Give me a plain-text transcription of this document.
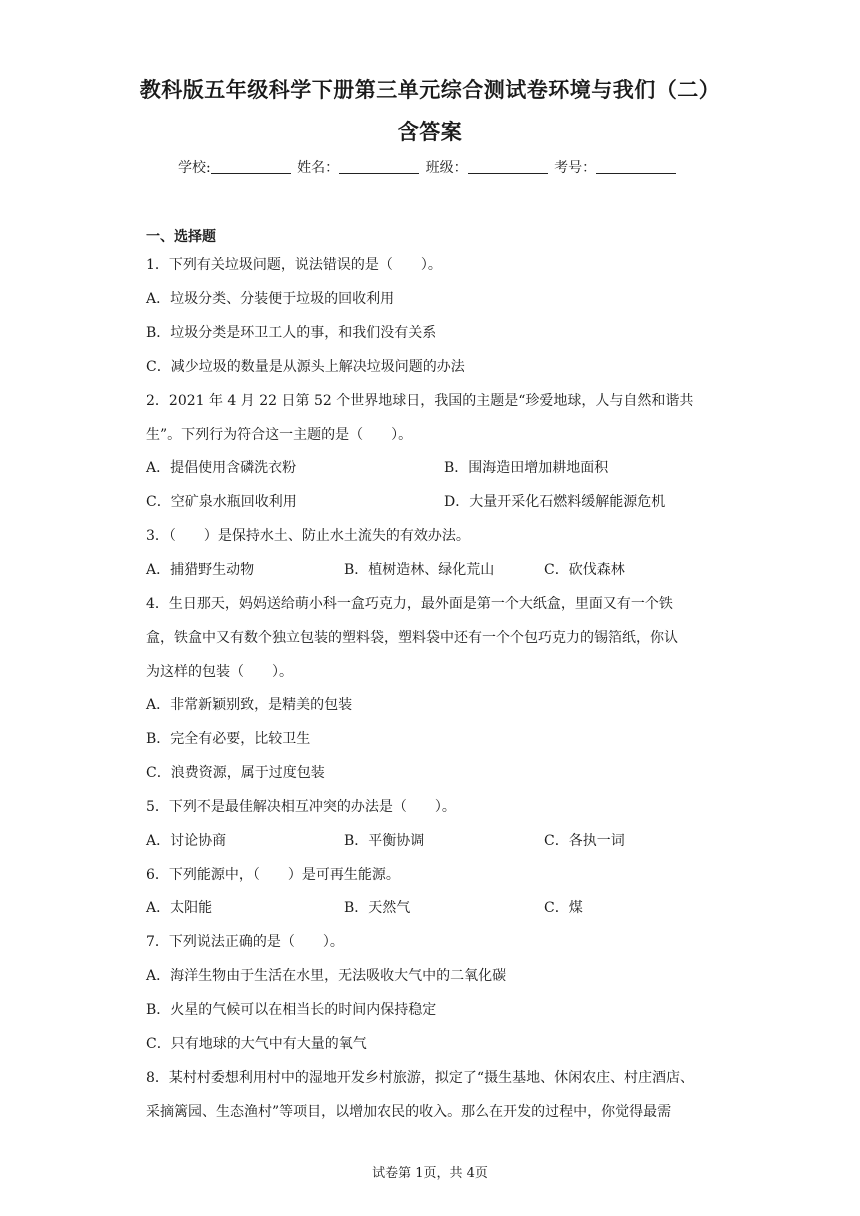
教科版五年级科学下册第三单元综合测试卷环境与我们（二）
含答案
学校:	姓名：	班级：	考号：
一、选择题
1．下列有关垃圾问题，说法错误的是（　　）。
A．垃圾分类、分装便于垃圾的回收利用
B．垃圾分类是环卫工人的事，和我们没有关系
C．减少垃圾的数量是从源头上解决垃圾问题的办法
2．2021 年 4 月 22 日第 52 个世界地球日，我国的主题是“珍爱地球，人与自然和谐共
生”。下列行为符合这一主题的是（　　）。
A．提倡使用含磷洗衣粉	B．围海造田增加耕地面积
C．空矿泉水瓶回收利用	D．大量开采化石燃料缓解能源危机
3．（　　）是保持水土、防止水土流失的有效办法。
A．捕猎野生动物	B．植树造林、绿化荒山	C．砍伐森林
4．生日那天，妈妈送给萌小科一盒巧克力，最外面是第一个大纸盒，里面又有一个铁
盒，铁盒中又有数个独立包装的塑料袋，塑料袋中还有一个个包巧克力的锡箔纸，你认
为这样的包装（　　）。
A．非常新颖别致，是精美的包装
B．完全有必要，比较卫生
C．浪费资源，属于过度包装
5．下列不是最佳解决相互冲突的办法是（　　）。
A．讨论协商	B．平衡协调	C．各执一词
6．下列能源中，（　　）是可再生能源。
A．太阳能	B．天然气	C．煤
7．下列说法正确的是（　　）。
A．海洋生物由于生活在水里，无法吸收大气中的二氧化碳
B．火星的气候可以在相当长的时间内保持稳定
C．只有地球的大气中有大量的氧气
8．某村村委想利用村中的湿地开发乡村旅游，拟定了“摄生基地、休闲农庄、村庄酒店、
采摘篱园、生态渔村”等项目，以增加农民的收入。那么在开发的过程中，你觉得最需
试卷第 1页，共 4页
